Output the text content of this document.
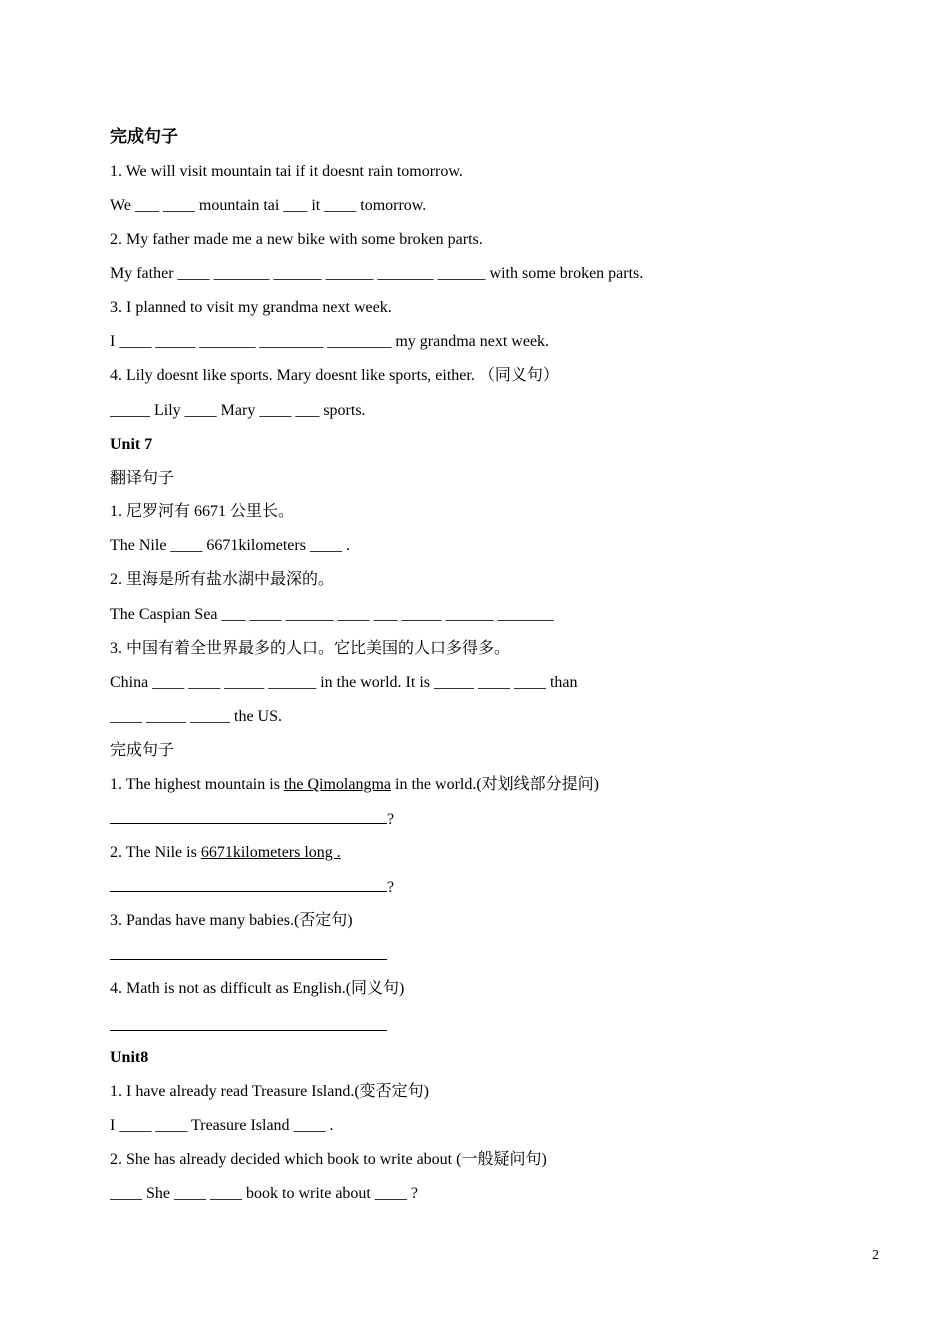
完成句子
1. We will visit mountain tai if it doesnt rain tomorrow.
We ___ ____ mountain tai ___ it ____ tomorrow.
2. My father made me a new bike with some broken parts.
My father ____ _______ ______ ______ _______ ______ with some broken parts.
3. I planned to visit my grandma next week.
I ____ _____ _______ ________ ________ my grandma next week.
4. Lily doesnt like sports. Mary doesnt like sports, either. （同义句）
_____ Lily ____ Mary ____ ___ sports.
Unit 7
翻译句子
1. 尼罗河有 6671 公里长。
The Nile ____ 6671kilometers ____ .
2. 里海是所有盐水湖中最深的。
The Caspian Sea ___ ____ ______ ____ ___ _____ ______ _______
3. 中国有着全世界最多的人口。它比美国的人口多得多。
China ____ ____ _____ ______ in the world. It is _____ ____ ____ than
____ _____ _____ the US.
完成句子
1. The highest mountain is the Qimolangma in the world.(对划线部分提问)
?
2. The Nile is 6671kilometers long .
?
3. Pandas have many babies.(否定句)
4. Math is not as difficult as English.(同义句)
Unit8
1. I have already read Treasure Island.(变否定句)
I ____ ____ Treasure Island ____ .
2. She has already decided which book to write about (一般疑问句)
____ She ____ ____ book to write about ____ ?
2
